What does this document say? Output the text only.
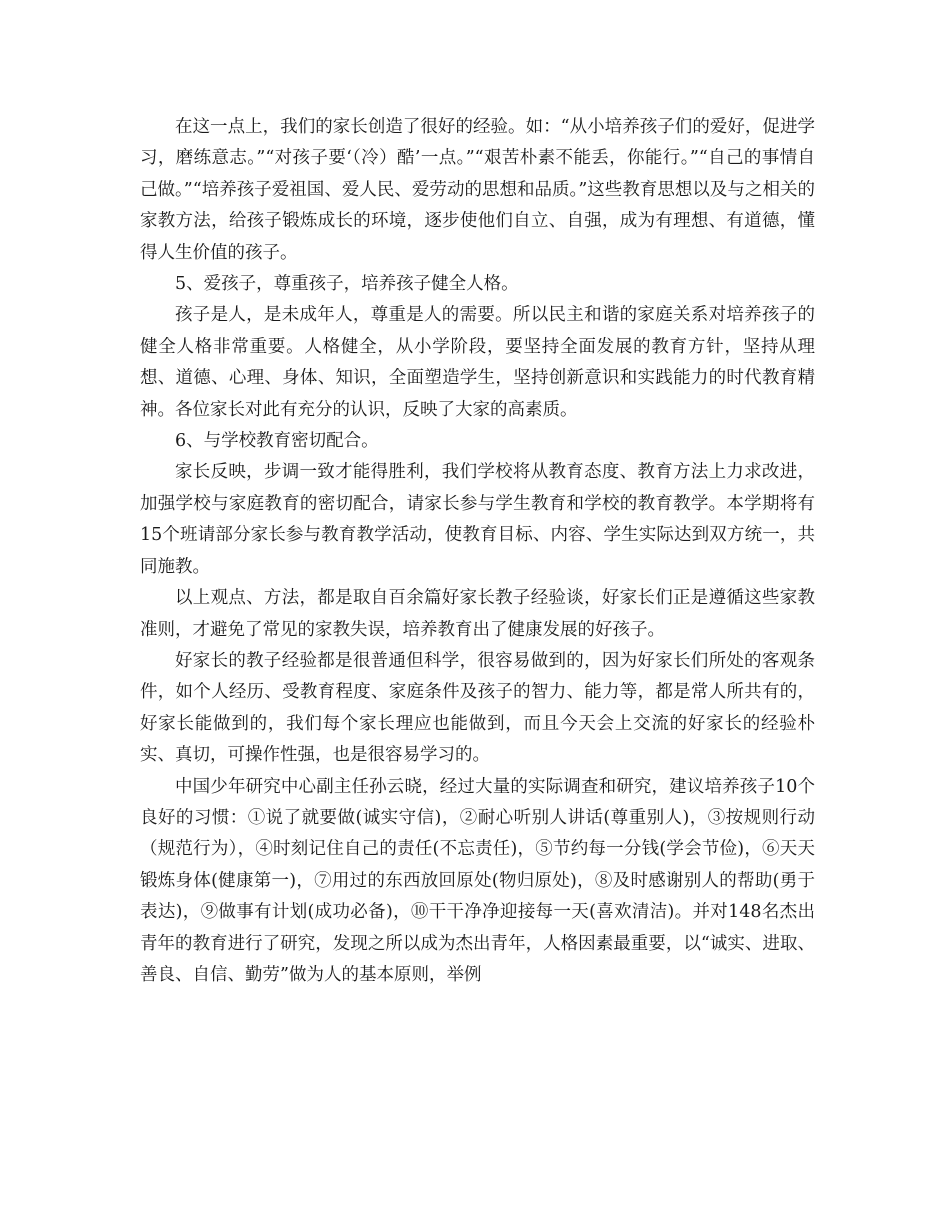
在这一点上，我们的家长创造了很好的经验。如：“从小培养孩子们的爱好，促进学习，磨练意志。”“对孩子要‘（冷）酷’一点。”“艰苦朴素不能丢，你能行。”“自己的事情自己做。”“培养孩子爱祖国、爱人民、爱劳动的思想和品质。”这些教育思想以及与之相关的家教方法，给孩子锻炼成长的环境，逐步使他们自立、自强，成为有理想、有道德，懂得人生价值的孩子。

5、爱孩子，尊重孩子，培养孩子健全人格。

孩子是人，是未成年人，尊重是人的需要。所以民主和谐的家庭关系对培养孩子的健全人格非常重要。人格健全，从小学阶段，要坚持全面发展的教育方针，坚持从理想、道德、心理、身体、知识，全面塑造学生，坚持创新意识和实践能力的时代教育精神。各位家长对此有充分的认识，反映了大家的高素质。

6、与学校教育密切配合。

家长反映，步调一致才能得胜利，我们学校将从教育态度、教育方法上力求改进，加强学校与家庭教育的密切配合，请家长参与学生教育和学校的教育教学。本学期将有15个班请部分家长参与教育教学活动，使教育目标、内容、学生实际达到双方统一，共同施教。

以上观点、方法，都是取自百余篇好家长教子经验谈，好家长们正是遵循这些家教准则，才避免了常见的家教失误，培养教育出了健康发展的好孩子。

好家长的教子经验都是很普通但科学，很容易做到的，因为好家长们所处的客观条件，如个人经历、受教育程度、家庭条件及孩子的智力、能力等，都是常人所共有的，好家长能做到的，我们每个家长理应也能做到，而且今天会上交流的好家长的经验朴实、真切，可操作性强，也是很容易学习的。

中国少年研究中心副主任孙云晓，经过大量的实际调查和研究，建议培养孩子10个良好的习惯：①说了就要做(诚实守信)，②耐心听别人讲话(尊重别人)，③按规则行动（规范行为），④时刻记住自己的责任(不忘责任)，⑤节约每一分钱(学会节俭)，⑥天天锻炼身体(健康第一)，⑦用过的东西放回原处(物归原处)，⑧及时感谢别人的帮助(勇于表达)，⑨做事有计划(成功必备)，⑩干干净净迎接每一天(喜欢清洁)。并对148名杰出青年的教育进行了研究，发现之所以成为杰出青年，人格因素最重要，以“诚实、进取、善良、自信、勤劳”做为人的基本原则，举例
